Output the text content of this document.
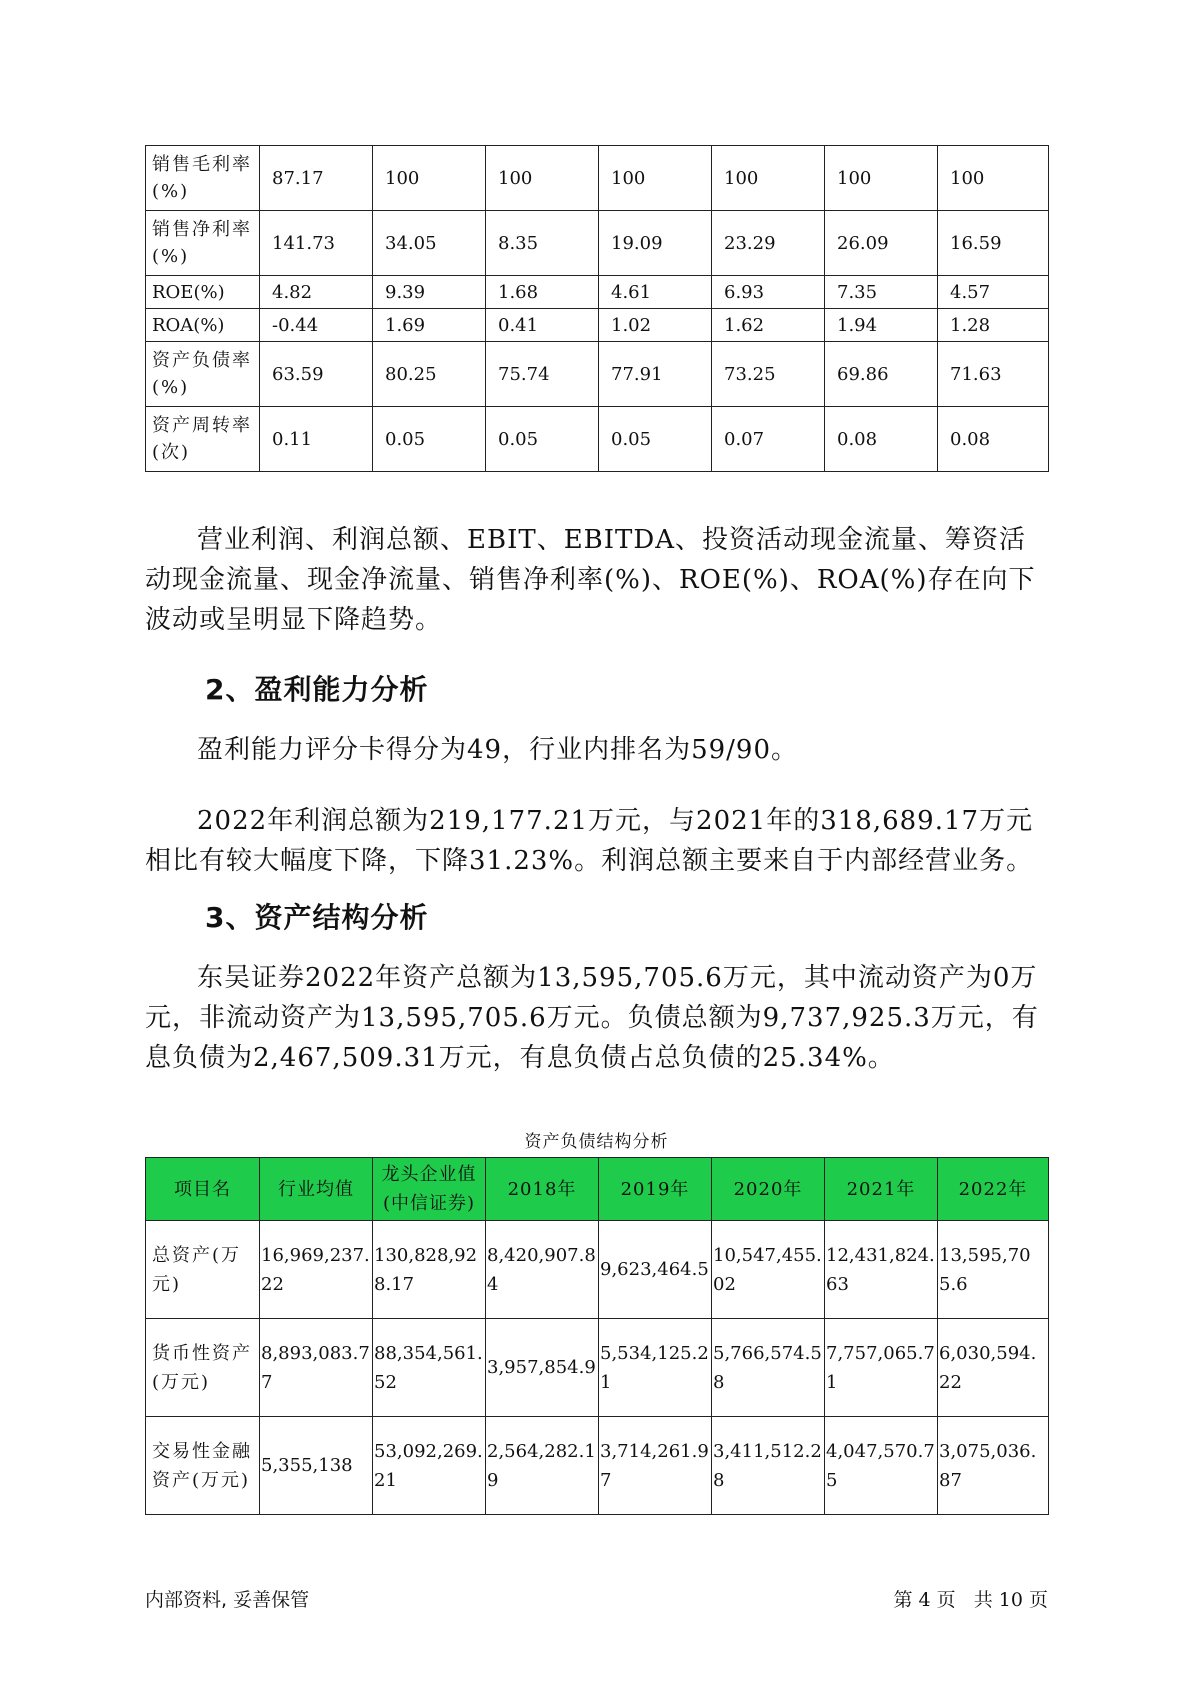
销售毛利率(%)	87.17	100	100	100	100	100	100
销售净利率(%)	141.73	34.05	8.35	19.09	23.29	26.09	16.59
ROE(%)	4.82	9.39	1.68	4.61	6.93	7.35	4.57
ROA(%)	-0.44	1.69	0.41	1.02	1.62	1.94	1.28
资产负债率(%)	63.59	80.25	75.74	77.91	73.25	69.86	71.63
资产周转率(次)	0.11	0.05	0.05	0.05	0.07	0.08	0.08

营业利润、利润总额、EBIT、EBITDA、投资活动现金流量、筹资活动现金流量、现金净流量、销售净利率(%)、ROE(%)、ROA(%)存在向下波动或呈明显下降趋势。

2、盈利能力分析

盈利能力评分卡得分为49，行业内排名为59/90。

2022年利润总额为219,177.21万元，与2021年的318,689.17万元相比有较大幅度下降，下降31.23%。利润总额主要来自于内部经营业务。

3、资产结构分析

东吴证券2022年资产总额为13,595,705.6万元，其中流动资产为0万元，非流动资产为13,595,705.6万元。负债总额为9,737,925.3万元，有息负债为2,467,509.31万元，有息负债占总负债的25.34%。

资产负债结构分析
项目名	行业均值	龙头企业值(中信证券)	2018年	2019年	2020年	2021年	2022年
总资产(万元)	16,969,237.22	130,828,928.17	8,420,907.84	9,623,464.5	10,547,455.02	12,431,824.63	13,595,705.6
货币性资产(万元)	8,893,083.77	88,354,561.52	3,957,854.9	5,534,125.21	5,766,574.58	7,757,065.71	6,030,594.22
交易性金融资产(万元)	5,355,138	53,092,269.21	2,564,282.19	3,714,261.97	3,411,512.28	4,047,570.75	3,075,036.87
内部资料, 妥善保管	第 4 页   共 10 页
